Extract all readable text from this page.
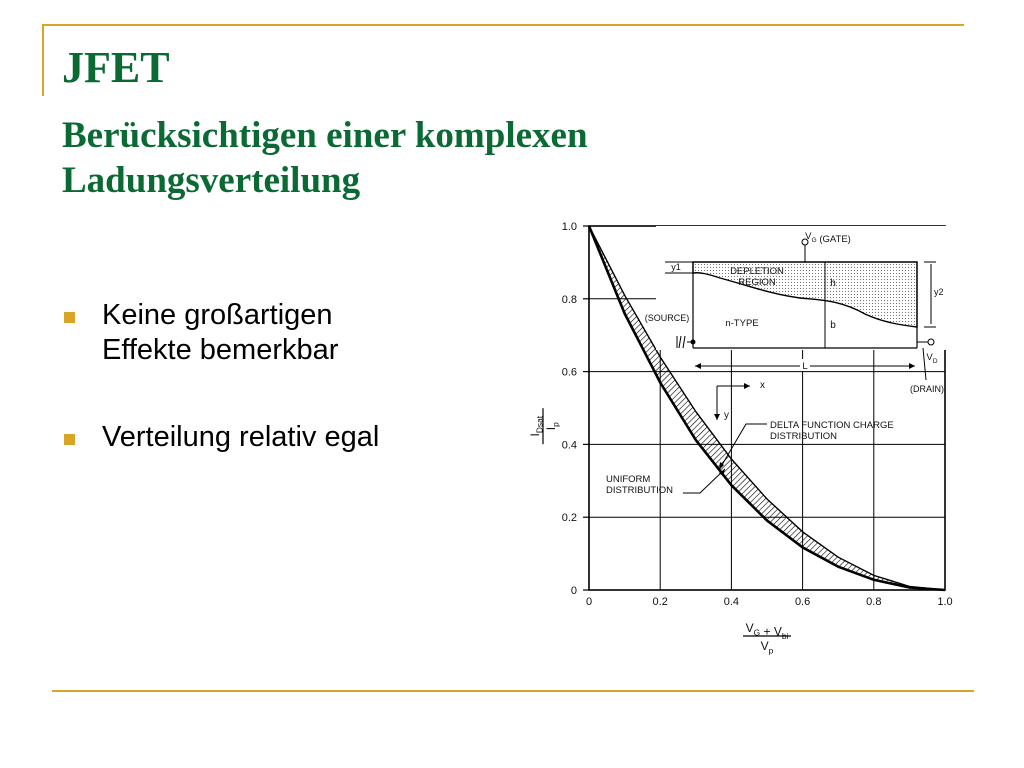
JFET
Berücksichtigen einer komplexen Ladungsverteilung
Keine großartigen
Effekte bemerkbar
Verteilung relativ egal
0
0
0.2
0.2
0.4
0.4
0.6
0.6
0.8
0.8
1.0
1.0
$V_G + V_{bi}$
$V_p$
$I_{Dsat}$ $I_p$	DELTA FUNCTION CHARGE DISTRIBUTION
UNIFORM DISTRIBUTION
$V_G$ (GATE)
DEPLETION REGION
n-TYPE
(SOURCE)
(DRAIN)
$V_D$
h
b
y1
y2
L
x
y
